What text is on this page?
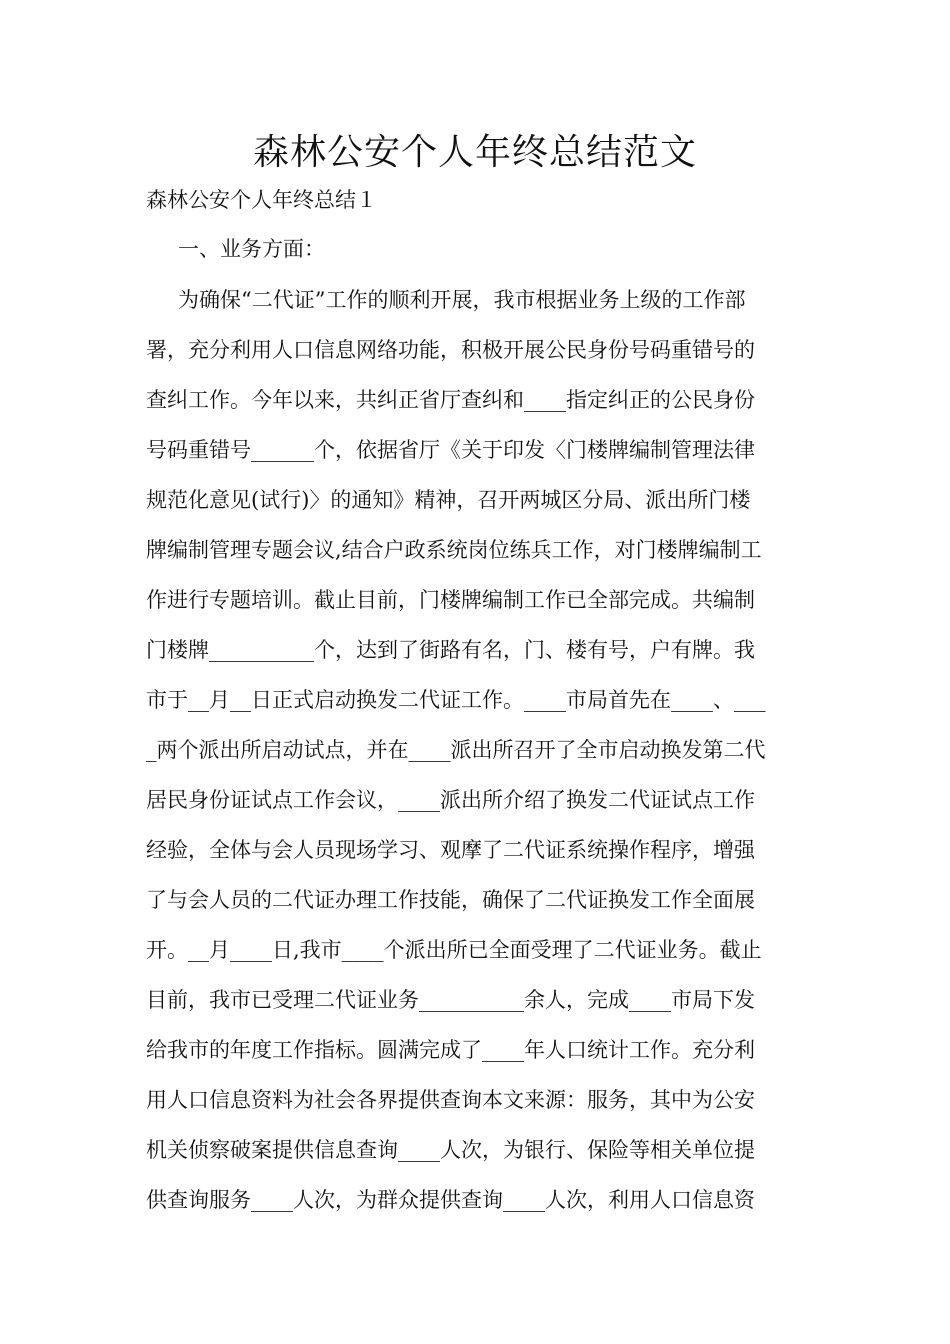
森林公安个人年终总结范文

森林公安个人年终总结１

一、业务方面：

为确保“二代证”工作的顺利开展，我市根据业务上级的工作部
署，充分利用人口信息网络功能，积极开展公民身份号码重错号的
查纠工作。今年以来，共纠正省厅查纠和____指定纠正的公民身份
号码重错号______个，依据省厅《关于印发〈门楼牌编制管理法律
规范化意见(试行)〉的通知》精神，召开两城区分局、派出所门楼
牌编制管理专题会议,结合户政系统岗位练兵工作，对门楼牌编制工
作进行专题培训。截止目前，门楼牌编制工作已全部完成。共编制
门楼牌__________个，达到了街路有名，门、楼有号，户有牌。我
市于__月__日正式启动换发二代证工作。____市局首先在____、___
_两个派出所启动试点，并在____派出所召开了全市启动换发第二代
居民身份证试点工作会议，____派出所介绍了换发二代证试点工作
经验，全体与会人员现场学习、观摩了二代证系统操作程序，增强
了与会人员的二代证办理工作技能，确保了二代证换发工作全面展
开。__月____日,我市____个派出所已全面受理了二代证业务。截止
目前，我市已受理二代证业务__________余人，完成____市局下发
给我市的年度工作指标。圆满完成了____年人口统计工作。充分利
用人口信息资料为社会各界提供查询本文来源：服务，其中为公安
机关侦察破案提供信息查询____人次，为银行、保险等相关单位提
供查询服务____人次，为群众提供查询____人次，利用人口信息资
